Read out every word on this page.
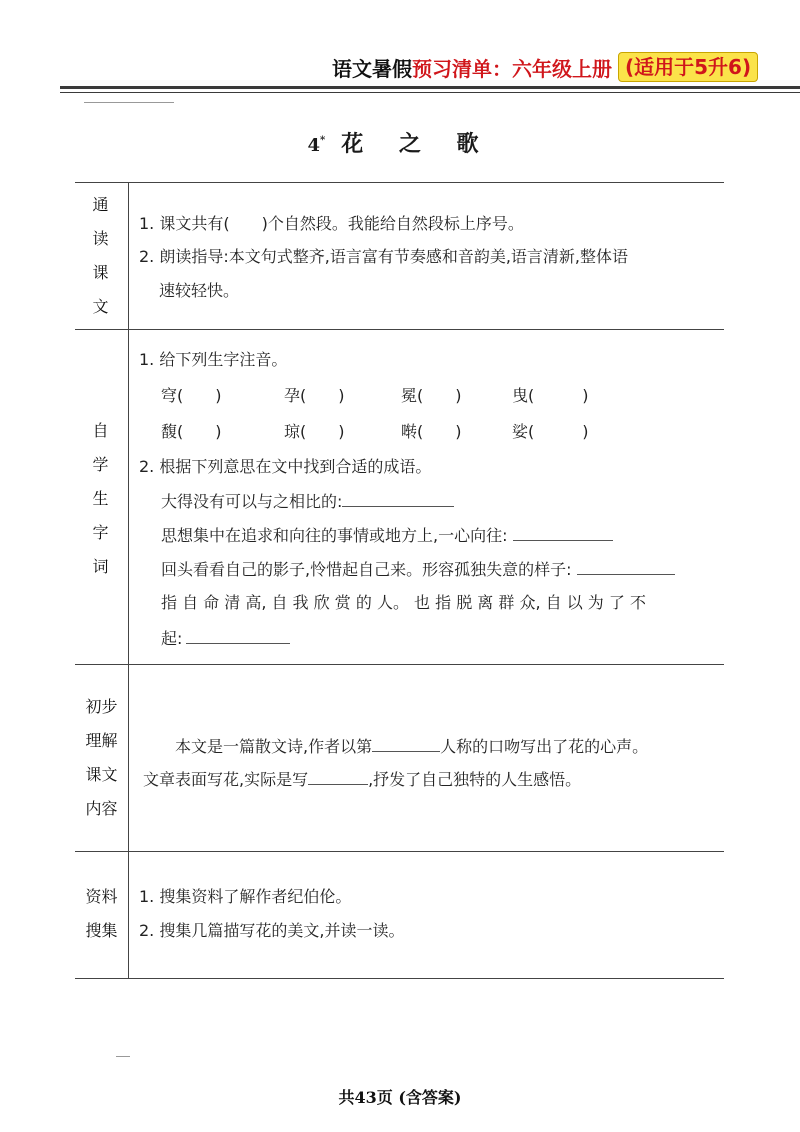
语文暑假 预习清单：六年级上册 (适用于5升6)
4* 花 之 歌
通
读
课
文
1. 课文共有(　　)个自然段。我能给自然段标上序号。
2. 朗读指导:本文句式整齐,语言富有节奏感和音韵美,语言清新,整体语
速较轻快。
自
学
生
字
词
1. 给下列生字注音。
穹(　　)	孕(　　)	冕(　　)	曳(　　　)
馥(　　)	琼(　　)	啭(　　)	娑(　　　)
2. 根据下列意思在文中找到合适的成语。
大得没有可以与之相比的:
思想集中在追求和向往的事情或地方上,一心向往:
回头看看自己的影子,怜惜起自己来。形容孤独失意的样子:
指 自 命 清 高, 自 我 欣 赏 的 人。 也 指 脱 离 群 众, 自 以 为 了 不
起:
初步
理解
课文
内容
本文是一篇散文诗,作者以第	人称的口吻写出了花的心声。
文章表面写花,实际是写	,抒发了自己独特的人生感悟。
资料
搜集
1. 搜集资料了解作者纪伯伦。
2. 搜集几篇描写花的美文,并读一读。
共43页 (含答案)
